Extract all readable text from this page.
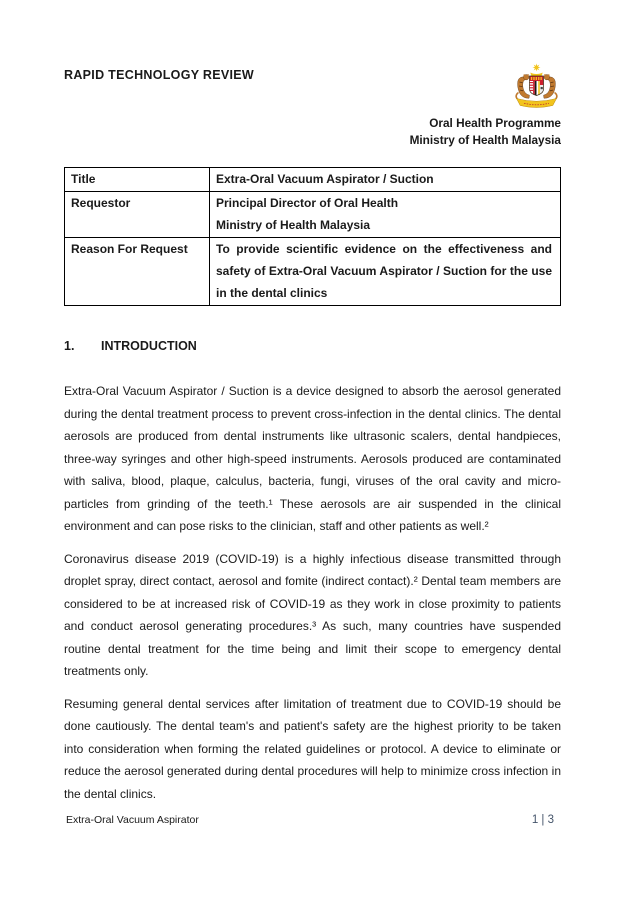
RAPID TECHNOLOGY REVIEW
Oral Health Programme
Ministry of Health Malaysia
Title	Extra-Oral Vacuum Aspirator / Suction

Requestor	Principal Director of Oral Health
Ministry of Health Malaysia

Reason For Request	To provide scientific evidence on the effectiveness and safety of Extra-Oral Vacuum Aspirator / Suction for the use in the dental clinics
1. INTRODUCTION

Extra-Oral Vacuum Aspirator / Suction is a device designed to absorb the aerosol generated during the dental treatment process to prevent cross-infection in the dental clinics. The dental aerosols are produced from dental instruments like ultrasonic scalers, dental handpieces, three-way syringes and other high-speed instruments. Aerosols produced are contaminated with saliva, blood, plaque, calculus, bacteria, fungi, viruses of the oral cavity and micro-particles from grinding of the teeth.¹ These aerosols are air suspended in the clinical environment and can pose risks to the clinician, staff and other patients as well.²

Coronavirus disease 2019 (COVID-19) is a highly infectious disease transmitted through droplet spray, direct contact, aerosol and fomite (indirect contact).² Dental team members are considered to be at increased risk of COVID-19 as they work in close proximity to patients and conduct aerosol generating procedures.³ As such, many countries have suspended routine dental treatment for the time being and limit their scope to emergency dental treatments only.

Resuming general dental services after limitation of treatment due to COVID-19 should be done cautiously. The dental team's and patient's safety are the highest priority to be taken into consideration when forming the related guidelines or protocol. A device to eliminate or reduce the aerosol generated during dental procedures will help to minimize cross infection in the dental clinics.

Extra-Oral Vacuum Aspirator	1 | 3
